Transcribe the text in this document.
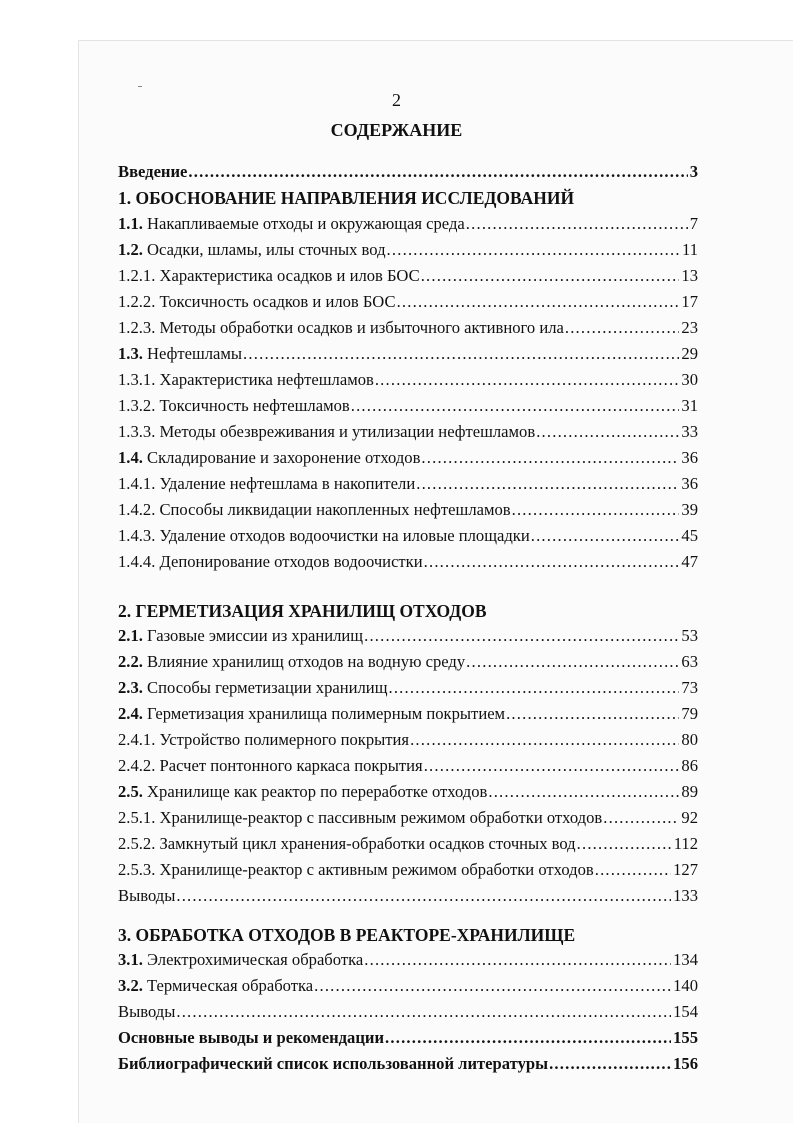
2
СОДЕРЖАНИЕ
Введение .....	3
1. ОБОСНОВАНИЕ НАПРАВЛЕНИЯ ИССЛЕДОВАНИЙ
1.1. Накапливаемые отходы и окружающая среда .....	7
1.2. Осадки, шламы, илы сточных вод .....	11
1.2.1. Характеристика осадков и илов БОС .....	13
1.2.2. Токсичность осадков и илов БОС .....	17
1.2.3. Методы обработки осадков и избыточного активного ила .....	23
1.3. Нефтешламы .....	29
1.3.1. Характеристика нефтешламов .....	30
1.3.2. Токсичность нефтешламов .....	31
1.3.3. Методы обезвреживания и утилизации нефтешламов .....	33
1.4. Складирование и захоронение отходов .....	36
1.4.1. Удаление нефтешлама в накопители .....	36
1.4.2. Способы ликвидации накопленных нефтешламов .....	39
1.4.3. Удаление отходов водоочистки на иловые площадки .....	45
1.4.4. Депонирование отходов водоочистки .....	47
2. ГЕРМЕТИЗАЦИЯ ХРАНИЛИЩ ОТХОДОВ
2.1. Газовые эмиссии из хранилищ .....	53
2.2. Влияние хранилищ отходов на водную среду .....	63
2.3. Способы герметизации хранилищ .....	73
2.4. Герметизация хранилища полимерным покрытием .....	79
2.4.1. Устройство полимерного покрытия .....	80
2.4.2. Расчет понтонного каркаса покрытия .....	86
2.5. Хранилище как реактор по переработке отходов .....	89
2.5.1. Хранилище-реактор с пассивным режимом обработки отходов .....	92
2.5.2. Замкнутый цикл хранения-обработки осадков сточных вод .....	112
2.5.3. Хранилище-реактор с активным режимом обработки отходов .....	127
Выводы .....	133
3. ОБРАБОТКА ОТХОДОВ В РЕАКТОРЕ-ХРАНИЛИЩЕ
3.1. Электрохимическая обработка .....	134
3.2. Термическая обработка .....	140
Выводы .....	154
Основные выводы и рекомендации .....	155
Библиографический список использованной литературы .....	156
